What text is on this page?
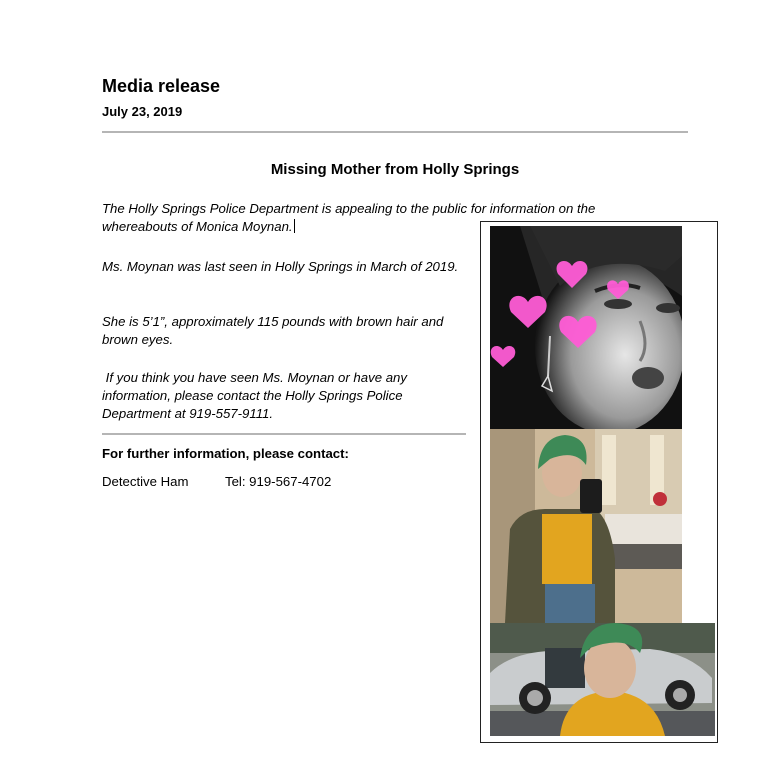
Media release
July 23, 2019
Missing Mother from Holly Springs
The Holly Springs Police Department is appealing to the public for information on the whereabouts of Monica Moynan.
Ms. Moynan was last seen in Holly Springs in March of 2019.
She is 5’1”, approximately 115 pounds with brown hair and brown eyes.
If you think you have seen Ms. Moynan or have any information, please contact the Holly Springs Police Department at 919-557-9111.
For further information, please contact:
Detective Ham	Tel: 919-567-4702
